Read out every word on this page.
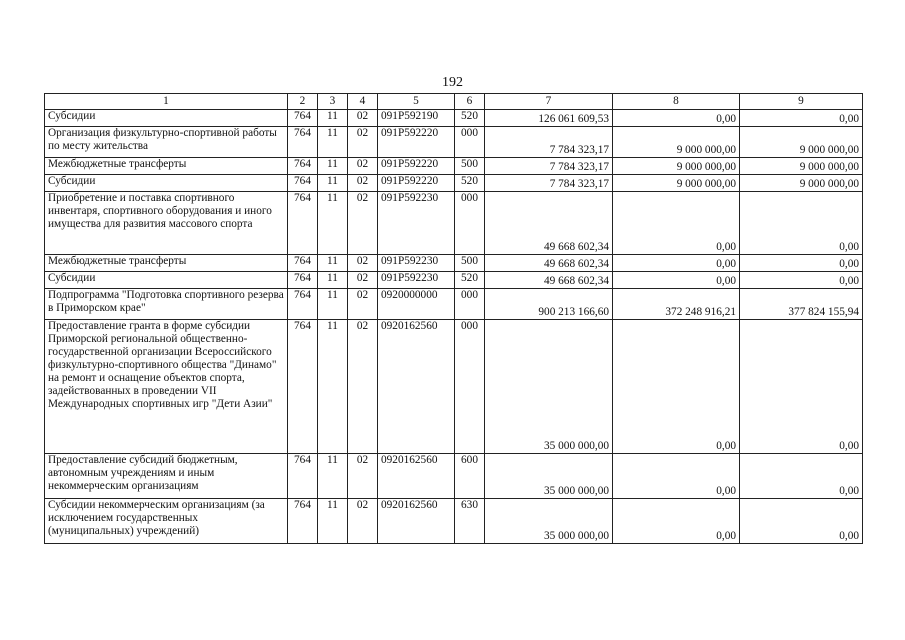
192
1	2	3	4	5	6	7	8	9
Субсидии	764	11	02	091P592190	520	126 061 609,53	0,00	0,00
Организация физкультурно-спортивной работы по месту жительства	764	11	02	091P592220	000	7 784 323,17	9 000 000,00	9 000 000,00
Межбюджетные трансферты	764	11	02	091P592220	500	7 784 323,17	9 000 000,00	9 000 000,00
Субсидии	764	11	02	091P592220	520	7 784 323,17	9 000 000,00	9 000 000,00
Приобретение и поставка спортивного инвентаря, спортивного оборудования и иного имущества для развития массового спорта	764	11	02	091P592230	000	49 668 602,34	0,00	0,00
Межбюджетные трансферты	764	11	02	091P592230	500	49 668 602,34	0,00	0,00
Субсидии	764	11	02	091P592230	520	49 668 602,34	0,00	0,00
Подпрограмма "Подготовка спортивного резерва в Приморском крае"	764	11	02	0920000000	000	900 213 166,60	372 248 916,21	377 824 155,94
Предоставление гранта в форме субсидии Приморской региональной общественно-государственной организации Всероссийского физкультурно-спортивного общества "Динамо" на ремонт и оснащение объектов спорта, задействованных в проведении VII Международных спортивных игр "Дети Азии"	764	11	02	0920162560	000	35 000 000,00	0,00	0,00
Предоставление субсидий бюджетным, автономным учреждениям и иным некоммерческим организациям	764	11	02	0920162560	600	35 000 000,00	0,00	0,00
Субсидии некоммерческим организациям (за исключением государственных (муниципальных) учреждений)	764	11	02	0920162560	630	35 000 000,00	0,00	0,00
